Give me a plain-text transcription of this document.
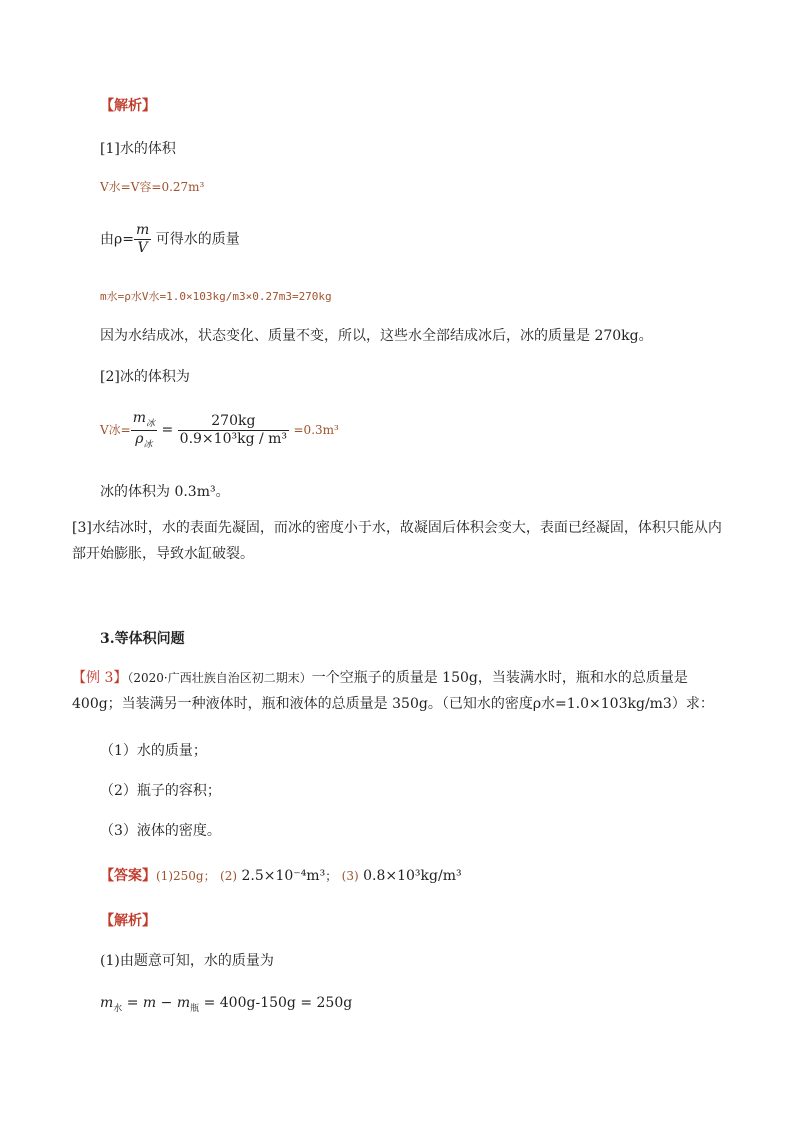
【解析】
[1]水的体积
V水=V容=0.27m³
由$\rho= \frac{m}{V}$ 可得水的质量
m水=ρ水V水=1.0×103kg/m3×0.27m3=270kg
因为水结成冰，状态变化、质量不变，所以，这些水全部结成冰后，冰的质量是 270kg。
[2]冰的体积为
V冰= $\frac{m_冰}{\rho_冰} = \frac{270kg}{\text{0.9×10³kg / m³}} =0.3m^3$
冰的体积为 0.3m³。
[3]水结冰时，水的表面先凝固，而冰的密度小于水，故凝固后体积会变大，表面已经凝固，体积只能从内部开始膨胀，导致水缸破裂。
3.等体积问题
【例 3】（2020·广西壮族自治区初二期末）一个空瓶子的质量是 150g，当装满水时，瓶和水的总质量是 400g；当装满另一种液体时，瓶和液体的总质量是 350g。（已知水的密度ρ水=1.0×103kg/m3）求：
（1）水的质量；
（2）瓶子的容积；
（3）液体的密度。
【答案】(1)250g； (2) 2.5×10⁻⁴m³； (3) 0.8×10³kg/m³
【解析】
(1)由题意可知，水的质量为
$m_水 = m - m_瓶 = 400g-150g = 250g$
